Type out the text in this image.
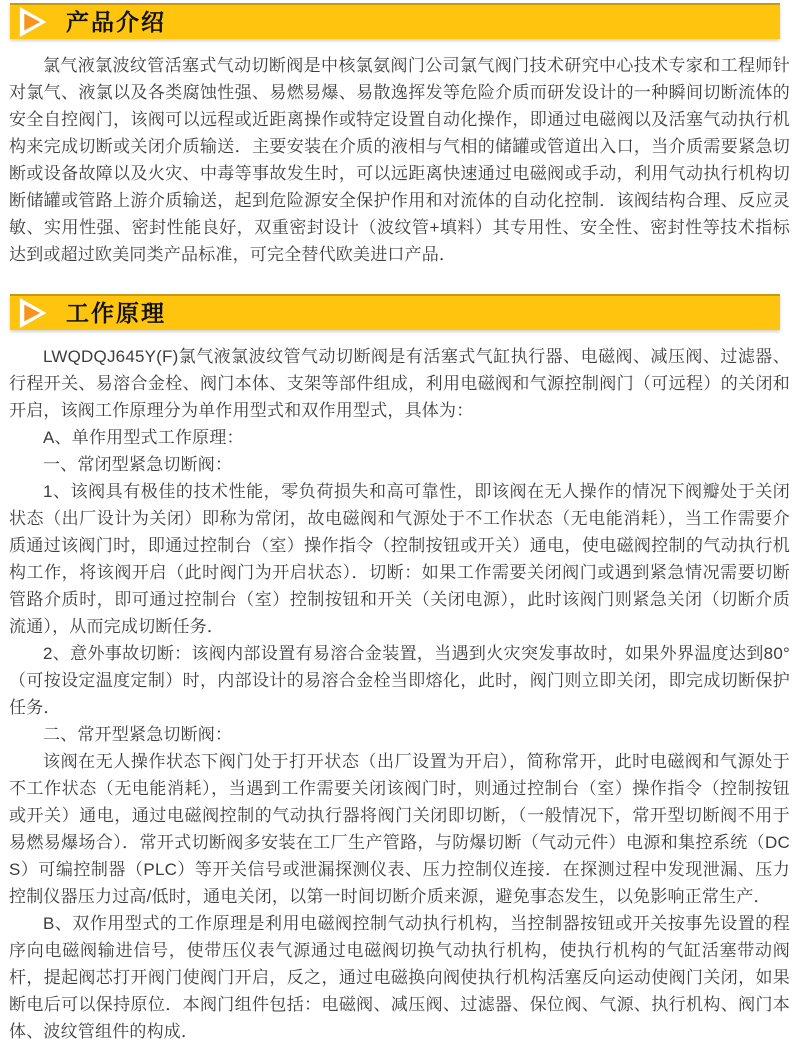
产品介绍

氯气液氯波纹管活塞式气动切断阀是中核氯氨阀门公司氯气阀门技术研究中心技术专家和工程师针对氯气、液氯以及各类腐蚀性强、易燃易爆、易散逸挥发等危险介质而研发设计的一种瞬间切断流体的安全自控阀门，该阀可以远程或近距离操作或特定设置自动化操作，即通过电磁阀以及活塞气动执行机构来完成切断或关闭介质输送．主要安装在介质的液相与气相的储罐或管道出入口，当介质需要紧急切断或设备故障以及火灾、中毒等事故发生时，可以远距离快速通过电磁阀或手动，利用气动执行机构切断储罐或管路上游介质输送，起到危险源安全保护作用和对流体的自动化控制．该阀结构合理、反应灵敏、实用性强、密封性能良好，双重密封设计（波纹管+填料）其专用性、安全性、密封性等技术指标达到或超过欧美同类产品标准，可完全替代欧美进口产品．

工作原理

LWQDQJ645Y(F)氯气液氯波纹管气动切断阀是有活塞式气缸执行器、电磁阀、减压阀、过滤器、行程开关、易溶合金栓、阀门本体、支架等部件组成，利用电磁阀和气源控制阀门（可远程）的关闭和开启，该阀工作原理分为单作用型式和双作用型式，具体为：

A、单作用型式工作原理：

一、常闭型紧急切断阀：

1、该阀具有极佳的技术性能，零负荷损失和高可靠性，即该阀在无人操作的情况下阀瓣处于关闭状态（出厂设计为关闭）即称为常闭，故电磁阀和气源处于不工作状态（无电能消耗），当工作需要介质通过该阀门时，即通过控制台（室）操作指令（控制按钮或开关）通电，使电磁阀控制的气动执行机构工作，将该阀开启（此时阀门为开启状态）．切断：如果工作需要关闭阀门或遇到紧急情况需要切断管路介质时，即可通过控制台（室）控制按钮和开关（关闭电源），此时该阀门则紧急关闭（切断介质流通），从而完成切断任务．

2、意外事故切断：该阀内部设置有易溶合金装置，当遇到火灾突发事故时，如果外界温度达到80°（可按设定温度定制）时，内部设计的易溶合金栓当即熔化，此时，阀门则立即关闭，即完成切断保护任务．

二、常开型紧急切断阀：

该阀在无人操作状态下阀门处于打开状态（出厂设置为开启），简称常开，此时电磁阀和气源处于不工作状态（无电能消耗），当遇到工作需要关闭该阀门时，则通过控制台（室）操作指令（控制按钮或开关）通电，通过电磁阀控制的气动执行器将阀门关闭即切断，（一般情况下，常开型切断阀不用于易燃易爆场合）．常开式切断阀多安装在工厂生产管路，与防爆切断（气动元件）电源和集控系统（DCS）可编控制器（PLC）等开关信号或泄漏探测仪表、压力控制仪连接．在探测过程中发现泄漏、压力控制仪器压力过高/低时，通电关闭，以第一时间切断介质来源，避免事态发生，以免影响正常生产．

B、双作用型式的工作原理是利用电磁阀控制气动执行机构，当控制器按钮或开关按事先设置的程序向电磁阀输进信号，使带压仪表气源通过电磁阀切换气动执行机构，使执行机构的气缸活塞带动阀杆，提起阀芯打开阀门使阀门开启，反之，通过电磁换向阀使执行机构活塞反向运动使阀门关闭，如果断电后可以保持原位．本阀门组件包括：电磁阀、减压阀、过滤器、保位阀、气源、执行机构、阀门本体、波纹管组件的构成．
